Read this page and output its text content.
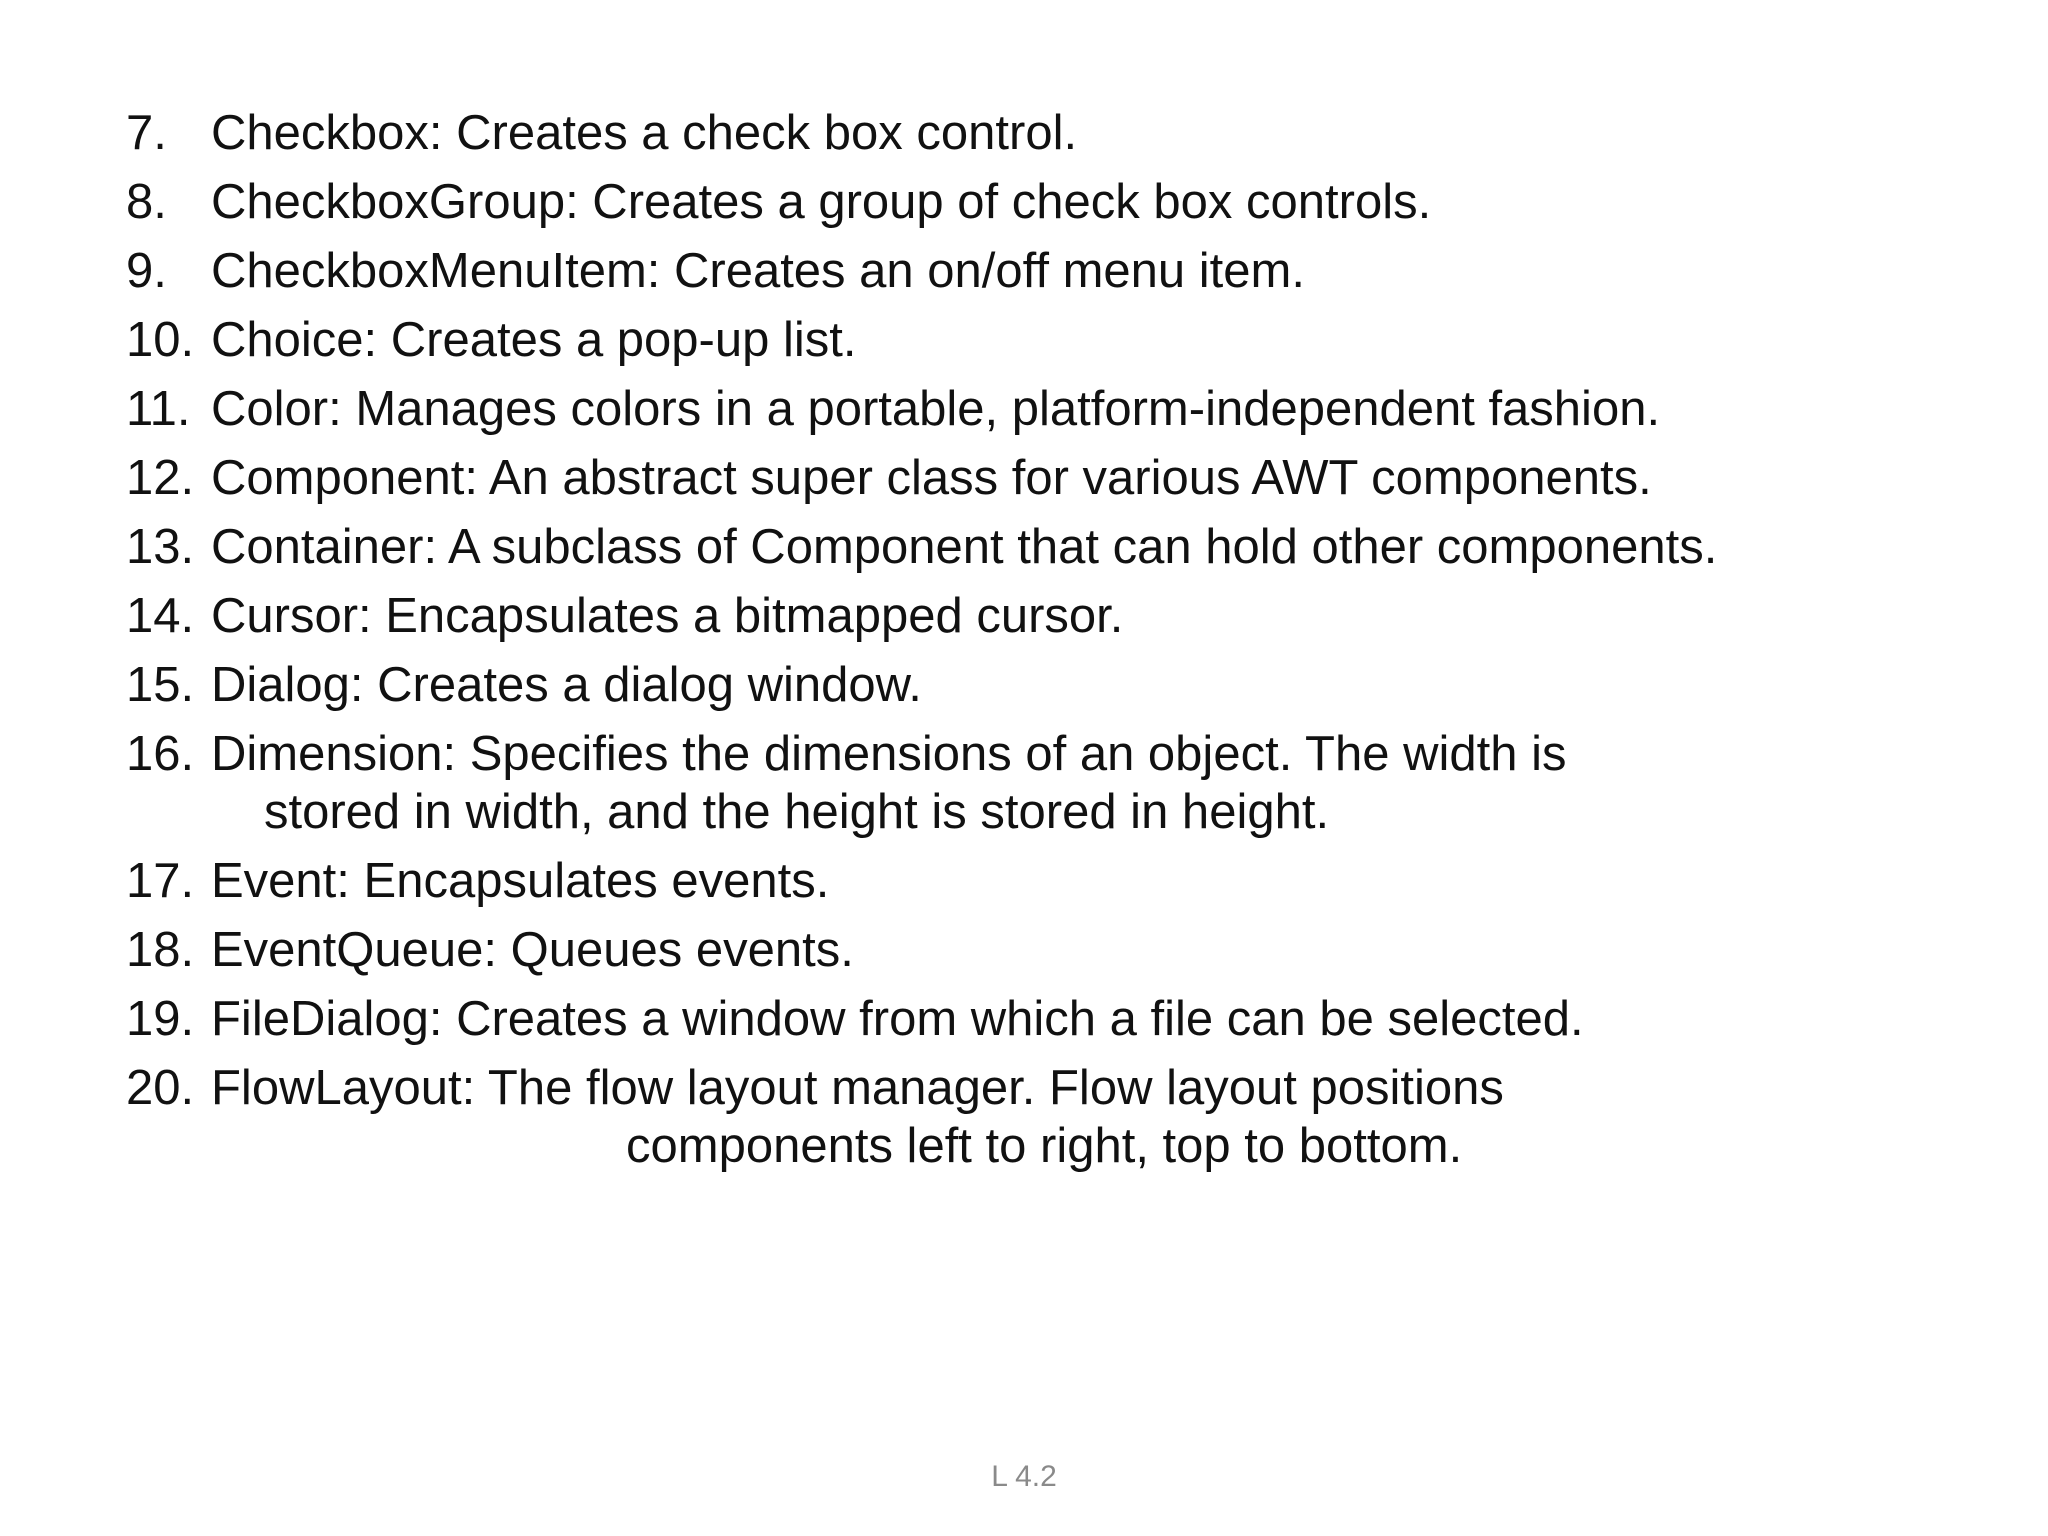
7. Checkbox: Creates a check box control.
8. CheckboxGroup: Creates a group of check box controls.
9. CheckboxMenuItem: Creates an on/off menu item.
10. Choice: Creates a pop-up list.
11. Color: Manages colors in a portable, platform-independent fashion.
12. Component: An abstract super class for various AWT components.
13. Container: A subclass of Component that can hold other components.
14. Cursor: Encapsulates a bitmapped cursor.
15. Dialog: Creates a dialog window.
16. Dimension: Specifies the dimensions of an object. The width is
stored in width, and the height is stored in height.
17. Event: Encapsulates events.
18. EventQueue: Queues events.
19. FileDialog: Creates a window from which a file can be selected.
20. FlowLayout: The flow layout manager. Flow layout positions
components left to right, top to bottom.
L 4.2
